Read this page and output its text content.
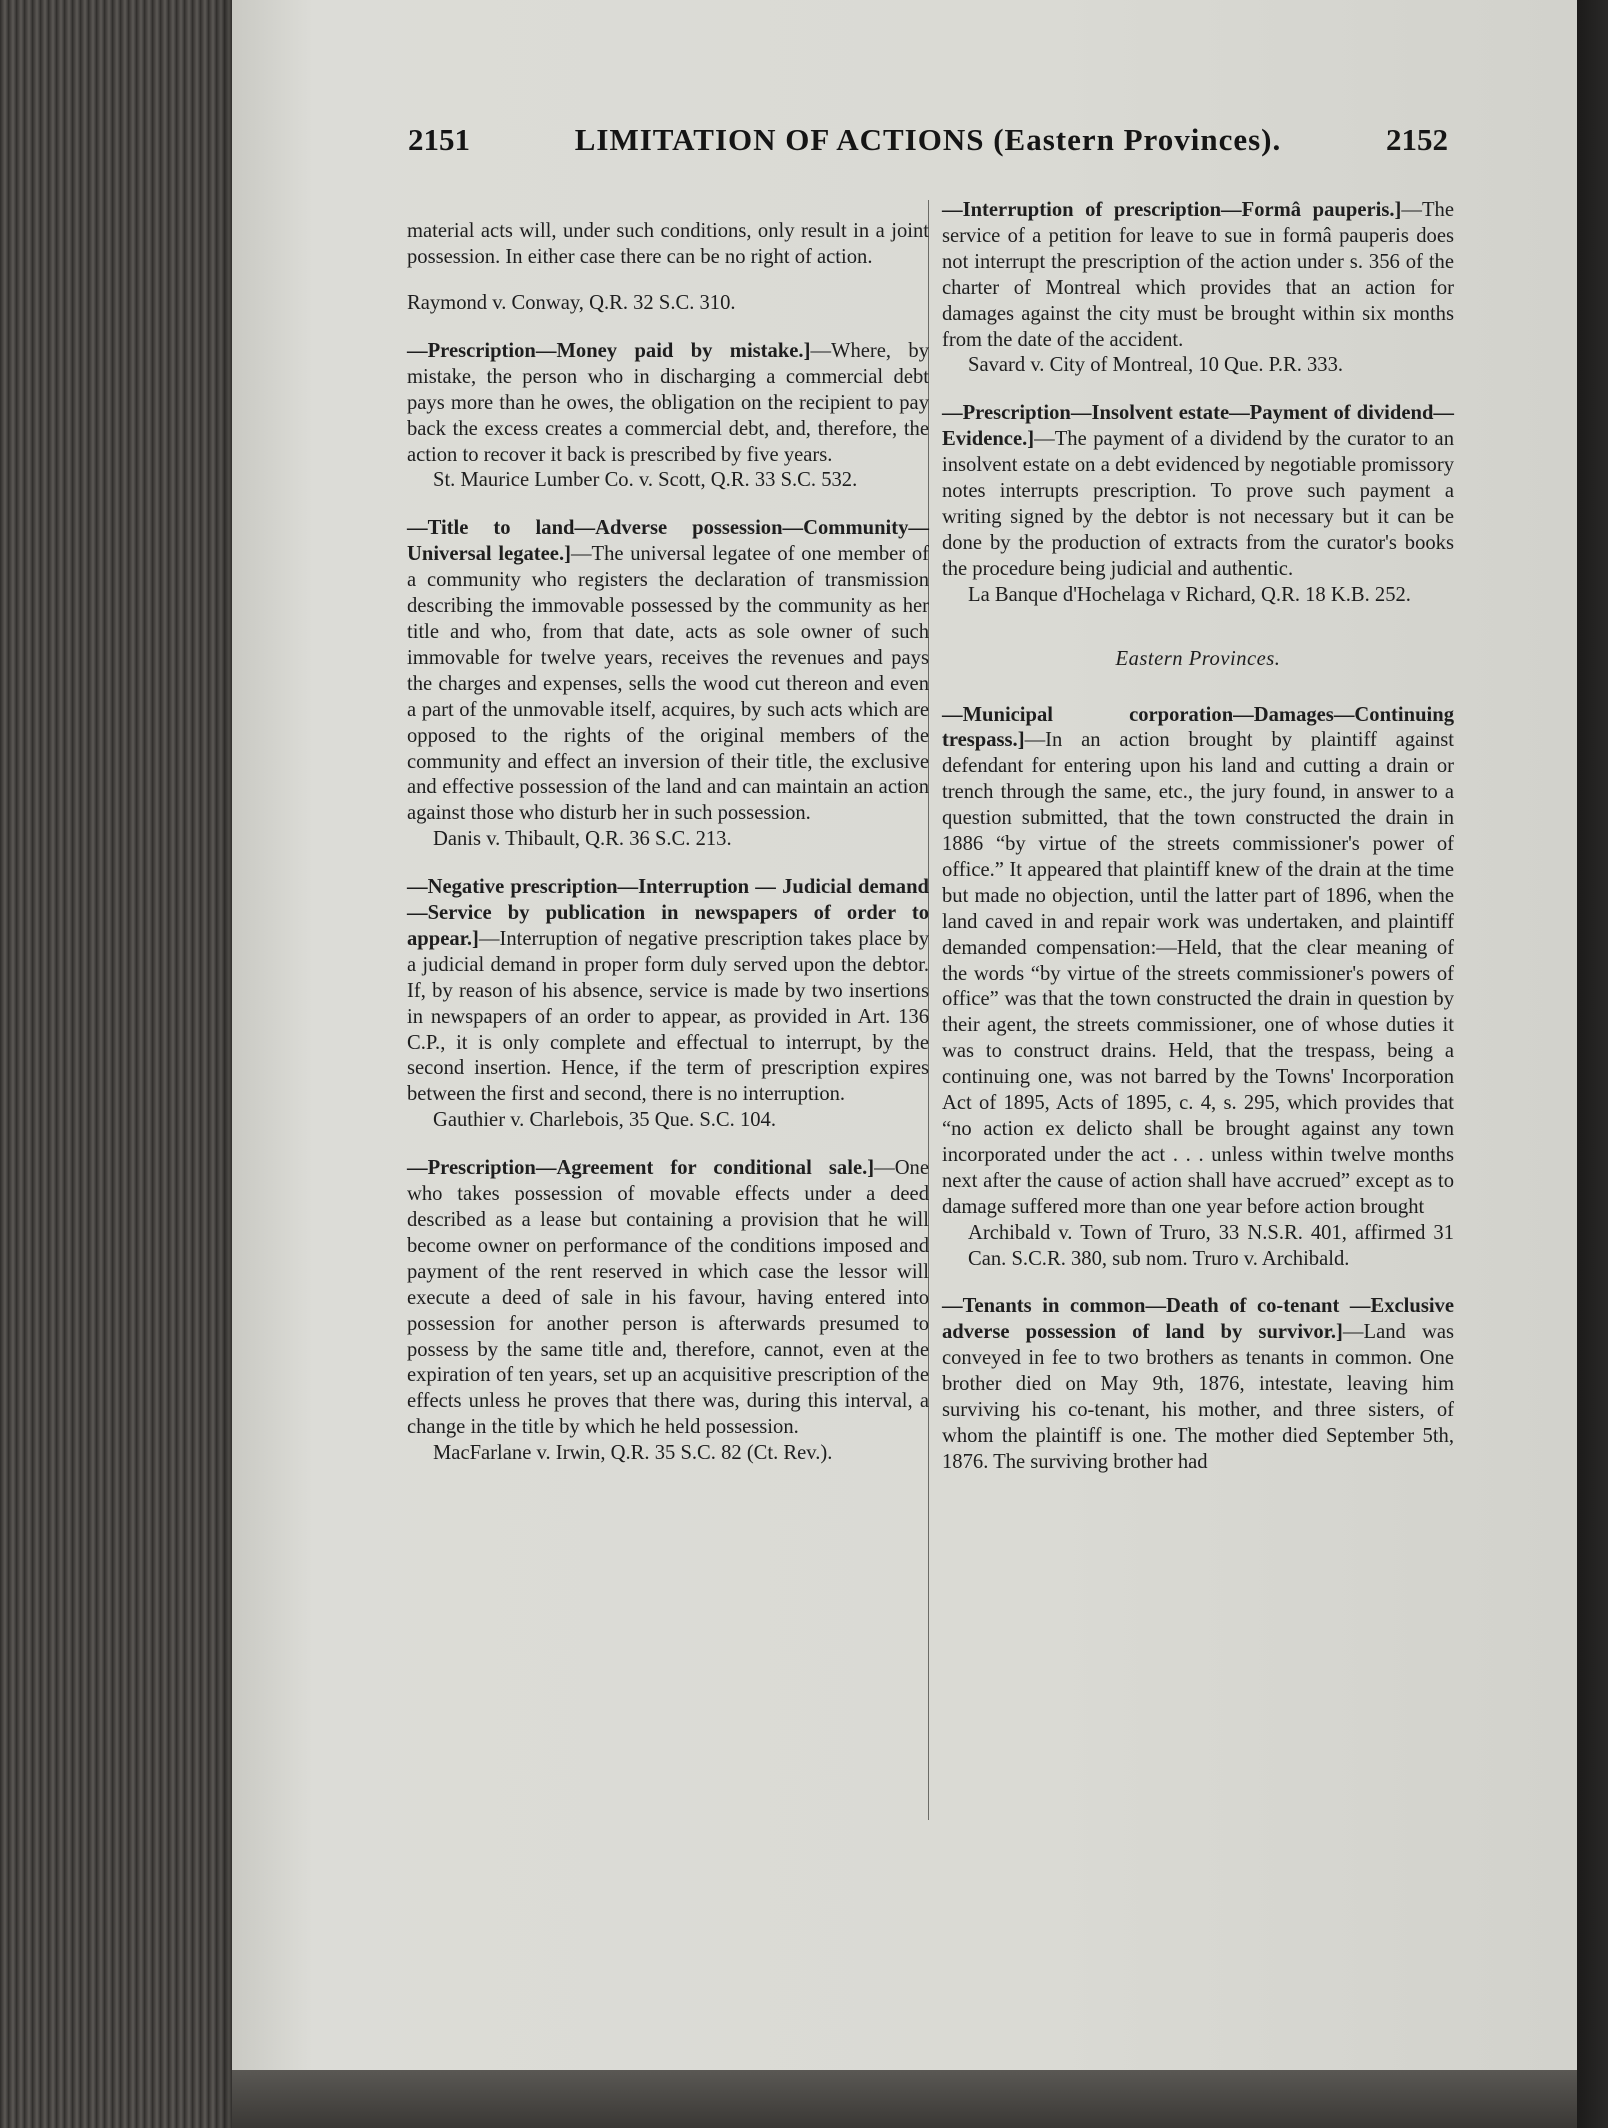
2151	LIMITATION OF ACTIONS (Eastern Provinces).	2152

material acts will, under such conditions, only result in a joint possession. In either case there can be no right of action.

Raymond v. Conway, Q.R. 32 S.C. 310.

—Prescription—Money paid by mistake.]—Where, by mistake, the person who in discharging a commercial debt pays more than he owes, the obligation on the recipient to pay back the excess creates a commercial debt, and, therefore, the action to recover it back is prescribed by five years.

St. Maurice Lumber Co. v. Scott, Q.R. 33 S.C. 532.

—Title to land—Adverse possession—Community—Universal legatee.]—The universal legatee of one member of a community who registers the declaration of transmission describing the immovable possessed by the community as her title and who, from that date, acts as sole owner of such immovable for twelve years, receives the revenues and pays the charges and expenses, sells the wood cut thereon and even a part of the unmovable itself, acquires, by such acts which are opposed to the rights of the original members of the community and effect an inversion of their title, the exclusive and effective possession of the land and can maintain an action against those who disturb her in such possession.

Danis v. Thibault, Q.R. 36 S.C. 213.

—Negative prescription—Interruption — Judicial demand—Service by publication in newspapers of order to appear.]—Interruption of negative prescription takes place by a judicial demand in proper form duly served upon the debtor. If, by reason of his absence, service is made by two insertions in newspapers of an order to appear, as provided in Art. 136 C.P., it is only complete and effectual to interrupt, by the second insertion. Hence, if the term of prescription expires between the first and second, there is no interruption.

Gauthier v. Charlebois, 35 Que. S.C. 104.

—Prescription—Agreement for conditional sale.]—One who takes possession of movable effects under a deed described as a lease but containing a provision that he will become owner on performance of the conditions imposed and payment of the rent reserved in which case the lessor will execute a deed of sale in his favour, having entered into possession for another person is afterwards presumed to possess by the same title and, therefore, cannot, even at the expiration of ten years, set up an acquisitive prescription of the effects unless he proves that there was, during this interval, a change in the title by which he held possession.

MacFarlane v. Irwin, Q.R. 35 S.C. 82 (Ct. Rev.).

—Interruption of prescription—Formâ pauperis.]—The service of a petition for leave to sue in formâ pauperis does not interrupt the prescription of the action under s. 356 of the charter of Montreal which provides that an action for damages against the city must be brought within six months from the date of the accident.

Savard v. City of Montreal, 10 Que. P.R. 333.

—Prescription—Insolvent estate—Payment of dividend—Evidence.]—The payment of a dividend by the curator to an insolvent estate on a debt evidenced by negotiable promissory notes interrupts prescription. To prove such payment a writing signed by the debtor is not necessary but it can be done by the production of extracts from the curator's books the procedure being judicial and authentic.

La Banque d'Hochelaga v Richard, Q.R. 18 K.B. 252.

Eastern Provinces.

—Municipal corporation—Damages—Continuing trespass.]—In an action brought by plaintiff against defendant for entering upon his land and cutting a drain or trench through the same, etc., the jury found, in answer to a question submitted, that the town constructed the drain in 1886 “by virtue of the streets commissioner's power of office.” It appeared that plaintiff knew of the drain at the time but made no objection, until the latter part of 1896, when the land caved in and repair work was undertaken, and plaintiff demanded compensation:—Held, that the clear meaning of the words “by virtue of the streets commissioner's powers of office” was that the town constructed the drain in question by their agent, the streets commissioner, one of whose duties it was to construct drains. Held, that the trespass, being a continuing one, was not barred by the Towns' Incorporation Act of 1895, Acts of 1895, c. 4, s. 295, which provides that “no action ex delicto shall be brought against any town incorporated under the act . . . unless within twelve months next after the cause of action shall have accrued” except as to damage suffered more than one year before action brought

Archibald v. Town of Truro, 33 N.S.R. 401, affirmed 31 Can. S.C.R. 380, sub nom. Truro v. Archibald.

—Tenants in common—Death of co-tenant —Exclusive adverse possession of land by survivor.]—Land was conveyed in fee to two brothers as tenants in common. One brother died on May 9th, 1876, intestate, leaving him surviving his co-tenant, his mother, and three sisters, of whom the plaintiff is one. The mother died September 5th, 1876. The surviving brother had
